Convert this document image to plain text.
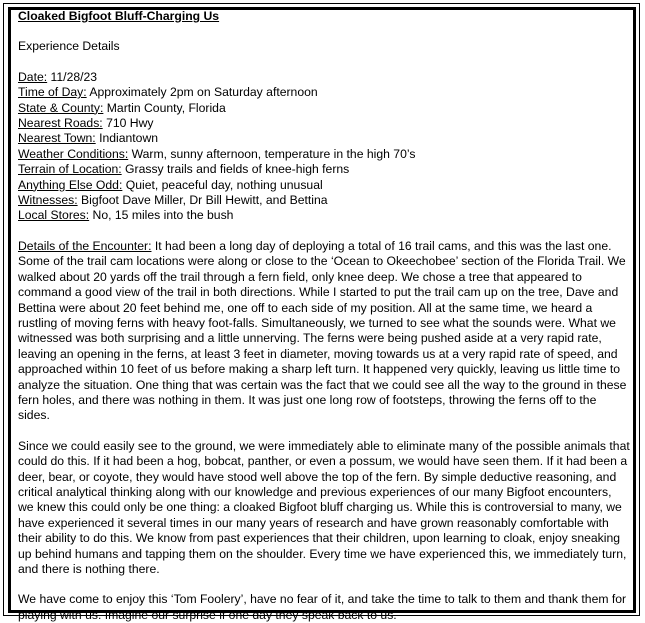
Cloaked Bigfoot Bluff-Charging Us

Experience Details

Date: 11/28/23

Time of Day: Approximately 2pm on Saturday afternoon

State & County: Martin County, Florida

Nearest Roads: 710 Hwy

Nearest Town: Indiantown

Weather Conditions: Warm, sunny afternoon, temperature in the high 70’s

Terrain of Location: Grassy trails and fields of knee-high ferns

Anything Else Odd: Quiet, peaceful day, nothing unusual

Witnesses: Bigfoot Dave Miller, Dr Bill Hewitt, and Bettina

Local Stores: No, 15 miles into the bush

Details of the Encounter: It had been a long day of deploying a total of 16 trail cams, and this was the last one. Some of the trail cam locations were along or close to the ‘Ocean to Okeechobee’ section of the Florida Trail. We walked about 20 yards off the trail through a fern field, only knee deep. We chose a tree that appeared to command a good view of the trail in both directions. While I started to put the trail cam up on the tree, Dave and Bettina were about 20 feet behind me, one off to each side of my position. All at the same time, we heard a rustling of moving ferns with heavy foot-falls. Simultaneously, we turned to see what the sounds were. What we witnessed was both surprising and a little unnerving. The ferns were being pushed aside at a very rapid rate, leaving an opening in the ferns, at least 3 feet in diameter, moving towards us at a very rapid rate of speed, and approached within 10 feet of us before making a sharp left turn. It happened very quickly, leaving us little time to analyze the situation. One thing that was certain was the fact that we could see all the way to the ground in these fern holes, and there was nothing in them. It was just one long row of footsteps, throwing the ferns off to the sides.

Since we could easily see to the ground, we were immediately able to eliminate many of the possible animals that could do this. If it had been a hog, bobcat, panther, or even a possum, we would have seen them. If it had been a deer, bear, or coyote, they would have stood well above the top of the fern. By simple deductive reasoning, and critical analytical thinking along with our knowledge and previous experiences of our many Bigfoot encounters, we knew this could only be one thing: a cloaked Bigfoot bluff charging us. While this is controversial to many, we have experienced it several times in our many years of research and have grown reasonably comfortable with their ability to do this. We know from past experiences that their children, upon learning to cloak, enjoy sneaking up behind humans and tapping them on the shoulder. Every time we have experienced this, we immediately turn, and there is nothing there.

We have come to enjoy this ‘Tom Foolery’, have no fear of it, and take the time to talk to them and thank them for playing with us. Imagine our surprise if one day they speak back to us.
